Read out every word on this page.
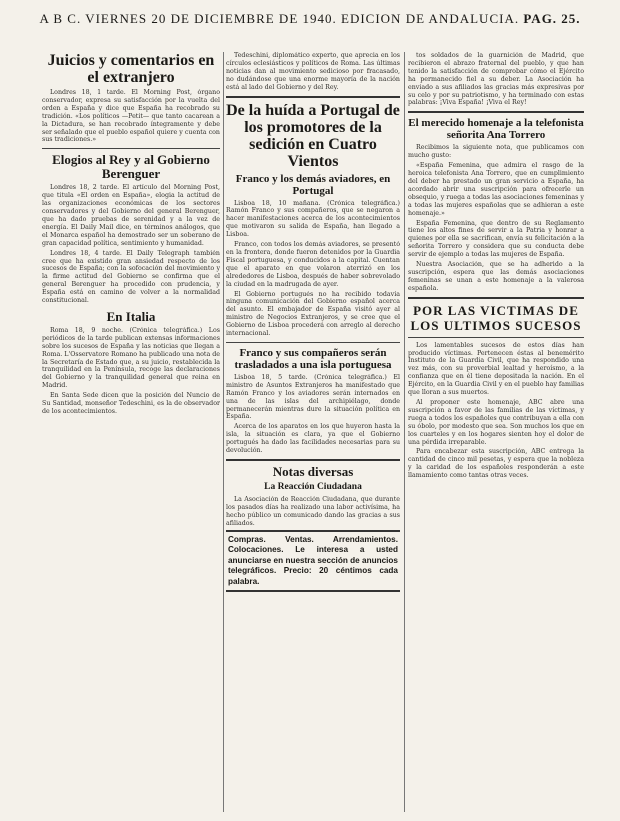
A B C. VIERNES 20 DE DICIEMBRE DE 1940. EDICION DE ANDALUCIA. PAG. 25.
Juicios y comentarios en el extranjero

Londres 18, 1 tarde. El Morning Post, órgano conservador, expresa su satisfacción por la vuelta del orden a España y dice que España ha recobrado su tradición. «Los políticos —Petit— que tanto cacarean a la Dictadura, se han recobrado íntegramente y debe ser señalado que el pueblo español quiere y cuenta con sus tradiciones.»

Elogios al Rey y al Gobierno Berenguer

Londres 18, 2 tarde. El artículo del Morning Post, que titula «El orden en España», elogia la actitud de las organizaciones económicas de los sectores conservadores y del Gobierno del general Berenguer, que ha dado pruebas de serenidad y a la vez de energía. El Daily Mail dice, en términos análogos, que el Monarca español ha demostrado ser un soberano de gran capacidad política, sentimiento y humanidad.

Londres 18, 4 tarde. El Daily Telegraph también cree que ha existido gran ansiedad respecto de los sucesos de España; con la sofocación del movimiento y la firme actitud del Gobierno se confirma que el general Berenguer ha procedido con prudencia, y España está en camino de volver a la normalidad constitucional.

En Italia

Roma 18, 9 noche. (Crónica telegráfica.) Los periódicos de la tarde publican extensas informaciones sobre los sucesos de España y las noticias que llegan a Roma. L'Osservatore Romano ha publicado una nota de la Secretaría de Estado que, a su juicio, restablecida la tranquilidad en la Península, recoge las declaraciones del Gobierno y la tranquilidad general que reina en Madrid.

En Santa Sede dicen que la posición del Nuncio de Su Santidad, monseñor Tedeschini, es la de observador de los acontecimientos.

Tedeschini, diplomático experto, que aprecia en los círculos eclesiásticos y políticos de Roma. Las últimas noticias dan al movimiento sedicioso por fracasado, no dudándose que una enorme mayoría de la nación está al lado del Gobierno y del Rey.

De la huída a Portugal de los promotores de la sedición en Cuatro Vientos
Franco y los demás aviadores, en Portugal

Lisboa 18, 10 mañana. (Crónica telegráfica.) Ramón Franco y sus compañeros, que se negaron a hacer manifestaciones acerca de los acontecimientos que motivaron su salida de España, han llegado a Lisboa.

Franco, con todos los demás aviadores, se presentó en la frontera, donde fueron detenidos por la Guardia Fiscal portuguesa, y conducidos a la capital. Cuentan que el aparato en que volaron aterrizó en los alrededores de Lisboa, después de haber sobrevolado la ciudad en la madrugada de ayer.

El Gobierno portugués no ha recibido todavía ninguna comunicación del Gobierno español acerca del asunto. El embajador de España visitó ayer al ministro de Negocios Extranjeros, y se cree que el Gobierno de Lisboa procederá con arreglo al derecho internacional.

Franco y sus compañeros serán trasladados a una isla portuguesa

Lisboa 18, 5 tarde. (Crónica telegráfica.) El ministro de Asuntos Extranjeros ha manifestado que Ramón Franco y los aviadores serán internados en una de las islas del archipiélago, donde permanecerán mientras dure la situación política en España.

Acerca de los aparatos en los que huyeron hasta la isla, la situación es clara, ya que el Gobierno portugués ha dado las facilidades necesarias para su devolución.

Notas diversas
La Reacción Ciudadana

La Asociación de Reacción Ciudadana, que durante los pasados días ha realizado una labor activísima, ha hecho público un comunicado dando las gracias a sus afiliados.

Compras. Ventas. Arrendamientos. Colocaciones. Le interesa a usted anunciarse en nuestra sección de anuncios telegráficos. Precio: 20 céntimos cada palabra.

tos soldados de la guarnición de Madrid, que recibieron el abrazo fraternal del pueblo, y que han tenido la satisfacción de comprobar cómo el Ejército ha permanecido fiel a su deber. La Asociación ha enviado a sus afiliados las gracias más expresivas por su celo y por su patriotismo, y ha terminado con estas palabras: ¡Viva España! ¡Viva el Rey!

El merecido homenaje a la telefonista señorita Ana Torrero

Recibimos la siguiente nota, que publicamos con mucho gusto:

«España Femenina, que admira el rasgo de la heroica telefonista Ana Torrero, que en cumplimiento del deber ha prestado un gran servicio a España, ha acordado abrir una suscripción para ofrecerle un obsequio, y ruega a todas las asociaciones femeninas y a todas las mujeres españolas que se adhieran a este homenaje.»

España Femenina, que dentro de su Reglamento tiene los altos fines de servir a la Patria y honrar a quienes por ella se sacrifican, envía su felicitación a la señorita Torrero y considera que su conducta debe servir de ejemplo a todas las mujeres de España.

Nuestra Asociación, que se ha adherido a la suscripción, espera que las demás asociaciones femeninas se unan a este homenaje a la valerosa española.

POR LAS VICTIMAS DE LOS ULTIMOS SUCESOS

Los lamentables sucesos de estos días han producido víctimas. Pertenecen éstas al benemérito Instituto de la Guardia Civil, que ha respondido una vez más, con su proverbial lealtad y heroísmo, a la confianza que en él tiene depositada la nación. En el Ejército, en la Guardia Civil y en el pueblo hay familias que lloran a sus muertos.

Al proponer este homenaje, ABC abre una suscripción a favor de las familias de las víctimas, y ruega a todos los españoles que contribuyan a ella con su óbolo, por modesto que sea. Son muchos los que en los cuarteles y en los hogares sienten hoy el dolor de una pérdida irreparable.

Para encabezar esta suscripción, ABC entrega la cantidad de cinco mil pesetas, y espera que la nobleza y la caridad de los españoles responderán a este llamamiento como tantas otras veces.
